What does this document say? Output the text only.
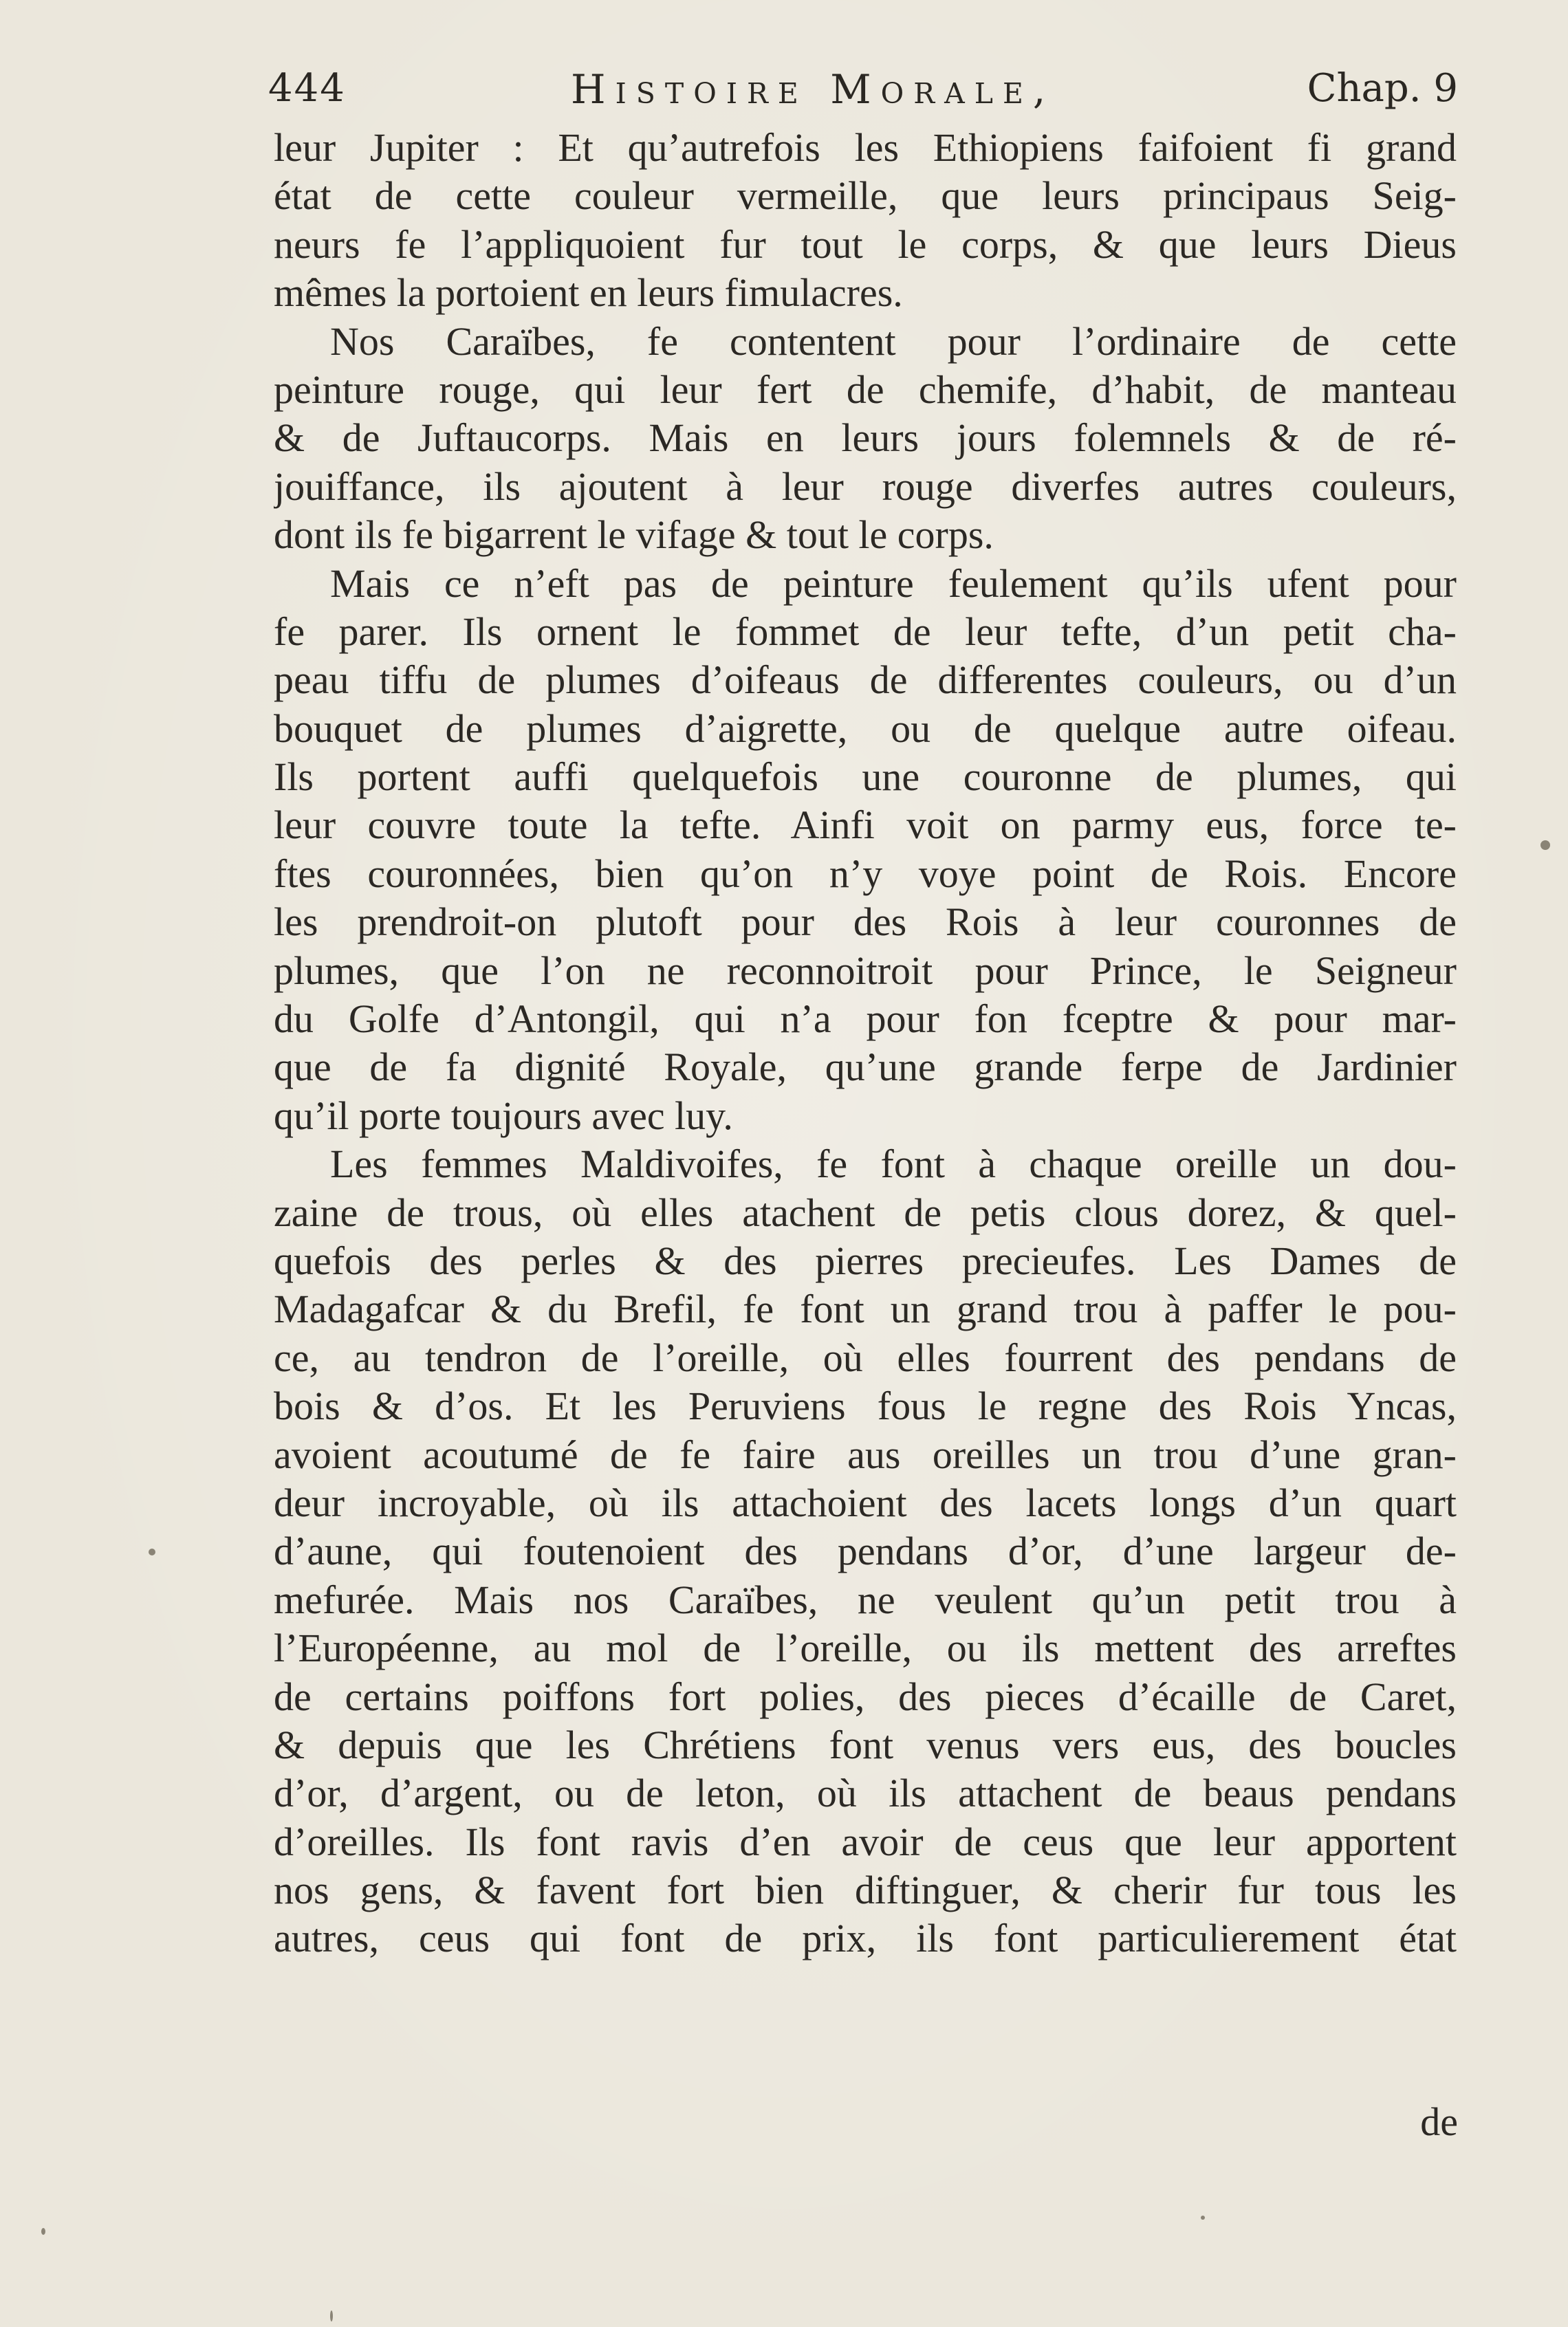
444	Histoire Morale,	Chap. 9
leur Jupiter : Et qu’autrefois les Ethiopiens faifoient fi grand
état de cette couleur vermeille, que leurs principaus Seig-
neurs fe l’appliquoient fur tout le corps, & que leurs Dieus
mêmes la portoient en leurs fimulacres.
Nos Caraïbes, fe contentent pour l’ordinaire de cette
peinture rouge, qui leur fert de chemife, d’habit, de manteau
& de Juftaucorps. Mais en leurs jours folemnels & de ré-
jouiffance, ils ajoutent à leur rouge diverfes autres couleurs,
dont ils fe bigarrent le vifage & tout le corps.
Mais ce n’eft pas de peinture feulement qu’ils ufent pour
fe parer. Ils ornent le fommet de leur tefte, d’un petit cha-
peau tiffu de plumes d’oifeaus de differentes couleurs, ou d’un
bouquet de plumes d’aigrette, ou de quelque autre oifeau.
Ils portent auffi quelquefois une couronne de plumes, qui
leur couvre toute la tefte. Ainfi voit on parmy eus, force te-
ftes couronnées, bien qu’on n’y voye point de Rois. Encore
les prendroit-on plutoft pour des Rois à leur couronnes de
plumes, que l’on ne reconnoitroit pour Prince, le Seigneur
du Golfe d’Antongil, qui n’a pour fon fceptre & pour mar-
que de fa dignité Royale, qu’une grande ferpe de Jardinier
qu’il porte toujours avec luy.
Les femmes Maldivoifes, fe font à chaque oreille un dou-
zaine de trous, où elles atachent de petis clous dorez, & quel-
quefois des perles & des pierres precieufes. Les Dames de
Madagafcar & du Brefil, fe font un grand trou à paffer le pou-
ce, au tendron de l’oreille, où elles fourrent des pendans de
bois & d’os. Et les Peruviens fous le regne des Rois Yncas,
avoient acoutumé de fe faire aus oreilles un trou d’une gran-
deur incroyable, où ils attachoient des lacets longs d’un quart
d’aune, qui foutenoient des pendans d’or, d’une largeur de-
mefurée. Mais nos Caraïbes, ne veulent qu’un petit trou à
l’Européenne, au mol de l’oreille, ou ils mettent des arreftes
de certains poiffons fort polies, des pieces d’écaille de Caret,
& depuis que les Chrétiens font venus vers eus, des boucles
d’or, d’argent, ou de leton, où ils attachent de beaus pendans
d’oreilles. Ils font ravis d’en avoir de ceus que leur apportent
nos gens, & favent fort bien diftinguer, & cherir fur tous les
autres, ceus qui font de prix, ils font particulierement état
de
